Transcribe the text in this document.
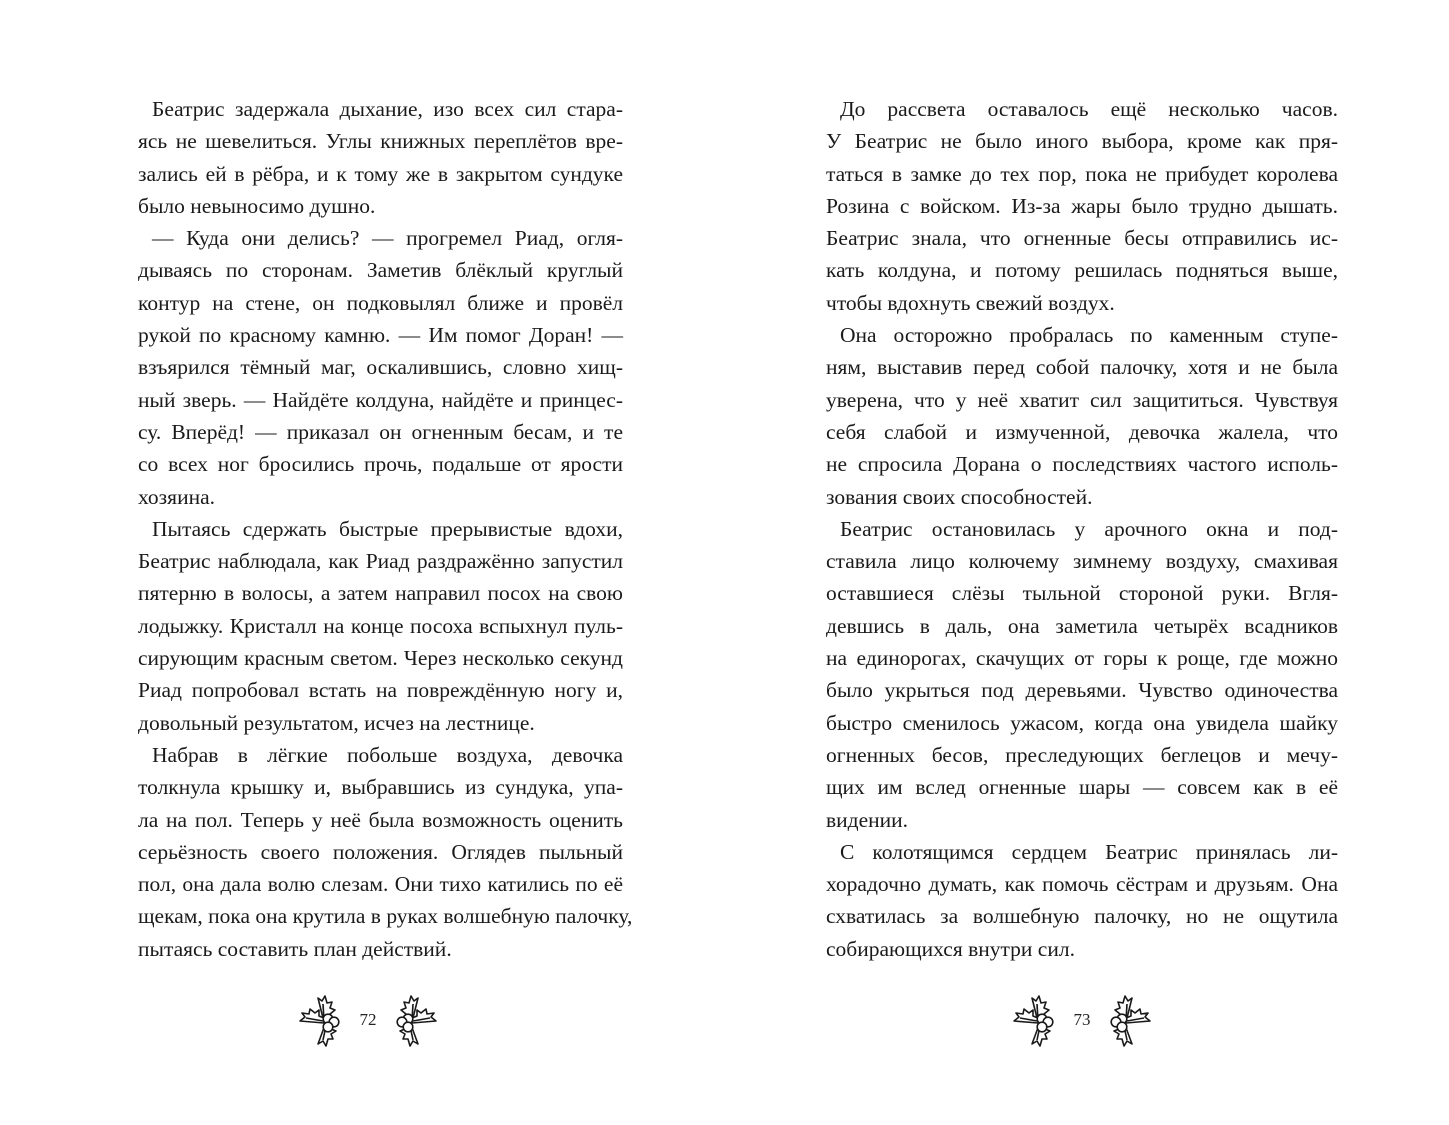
Беатрис задержала дыхание, изо всех сил стара-
ясь не шевелиться. Углы книжных переплётов вре-
зались ей в рёбра, и к тому же в закрытом сундуке
было невыносимо душно.
— Куда они делись? — прогремел Риад, огля-
дываясь по сторонам. Заметив блёклый круглый
контур на стене, он подковылял ближе и провёл
рукой по красному камню. — Им помог Доран! —
взъярился тёмный маг, оскалившись, словно хищ-
ный зверь. — Найдёте колдуна, найдёте и принцес-
су. Вперёд! — приказал он огненным бесам, и те
со всех ног бросились прочь, подальше от ярости
хозяина.
Пытаясь сдержать быстрые прерывистые вдохи,
Беатрис наблюдала, как Риад раздражённо запустил
пятерню в волосы, а затем направил посох на свою
лодыжку. Кристалл на конце посоха вспыхнул пуль-
сирующим красным светом. Через несколько секунд
Риад попробовал встать на повреждённую ногу и,
довольный результатом, исчез на лестнице.
Набрав в лёгкие побольше воздуха, девочка
толкнула крышку и, выбравшись из сундука, упа-
ла на пол. Теперь у неё была возможность оценить
серьёзность своего положения. Оглядев пыльный
пол, она дала волю слезам. Они тихо катились по её
щекам, пока она крутила в руках волшебную палочку,
пытаясь составить план действий.
72
До рассвета оставалось ещё несколько часов.
У Беатрис не было иного выбора, кроме как пря-
таться в замке до тех пор, пока не прибудет королева
Розина с войском. Из-за жары было трудно дышать.
Беатрис знала, что огненные бесы отправились ис-
кать колдуна, и потому решилась подняться выше,
чтобы вдохнуть свежий воздух.
Она осторожно пробралась по каменным ступе-
ням, выставив перед собой палочку, хотя и не была
уверена, что у неё хватит сил защититься. Чувствуя
себя слабой и измученной, девочка жалела, что
не спросила Дорана о последствиях частого исполь-
зования своих способностей.
Беатрис остановилась у арочного окна и под-
ставила лицо колючему зимнему воздуху, смахивая
оставшиеся слёзы тыльной стороной руки. Вгля-
девшись в даль, она заметила четырёх всадников
на единорогах, скачущих от горы к роще, где можно
было укрыться под деревьями. Чувство одиночества
быстро сменилось ужасом, когда она увидела шайку
огненных бесов, преследующих беглецов и мечу-
щих им вслед огненные шары — совсем как в её
видении.
С колотящимся сердцем Беатрис принялась ли-
хорадочно думать, как помочь сёстрам и друзьям. Она
схватилась за волшебную палочку, но не ощутила
собирающихся внутри сил.
73
